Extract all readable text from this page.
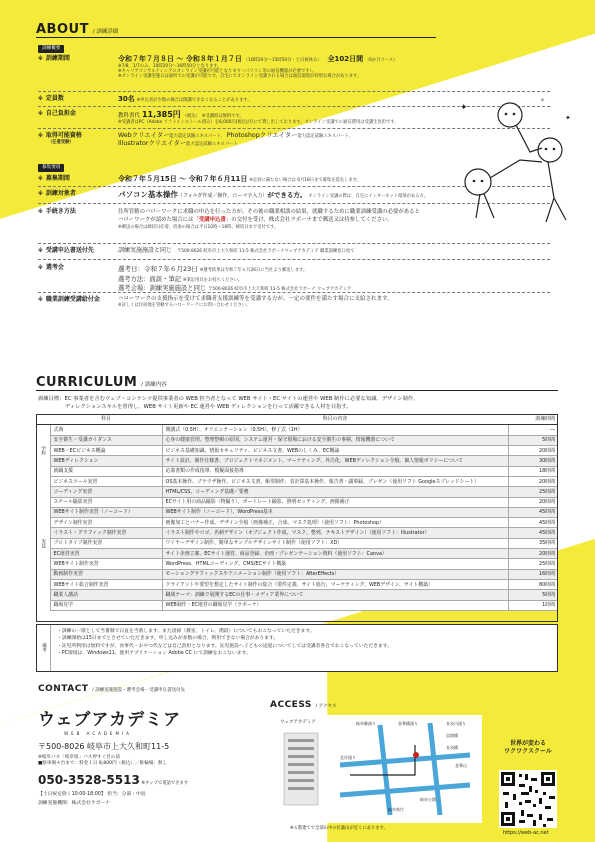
ABOUT / 訓練詳細
訓練概要
※ 訓練期間	令和７年７月８日 ～ 令和８年１月７日 （10時20分～15時50分・土日祝休み） 全102日間 （6か月コース）
※7/8、1/7のみ、10時20分～16時50分となります。
※キャリアコンサルティングのオンライン受講が可能となります（パソコン等の通信機器が必要です）。
※オンライン受講実施日は通所での受講が可能です。自宅にてオンライン受講される場合は通信環境が特別な場合があります。
※ 定員数	30名 ※申込者が少数の場合は開講できなくなることがあります。
※ 自己負担金	教科書代 11,385円 （税込） ※受講時は無料です。
※受講者はPC（Adobe ソフトインストール済み）を8,000円(税込)/月にて貸し出しております。オンライン受講での通信費用は受講生負担です。
※ 取得可能資格
（任意受験）
Webクリエイター能力認定試験エキスパート、 Photoshopクリエイター能力認定試験エキスパート、
Illustratorクリエイター能力認定試験エキスパート
募集要項
※ 募集期間	令和７年５月15日 ～ 令和７年６月11日 ※定員に満たない場合は 6月18日まで募集を延長します。
※ 訓練対象者	パソコン基本操作（フォルダ作成／操作、ローマ字入力）ができる方。 オンライン受講の際は、自宅にインターネット環境がある方。
※ 手続き方法	住所管轄のハローワークに求職の申込を行った方が、その後の職業相談の結果、就職するために職業訓練受講の必要があると
ハローワークが認めた場合には「受講申込書」の交付を受け、株式会社ラボーナまで郵送又は持参してください。
※郵送の場合は締切日必着、持参の場合は平日10時～18時、締切日まで受付です。
※ 受講申込書送付先	訓練実施施設と同じ 〒500-8026 岐阜市上大久和町 11-5 株式会社ラボーナウェブアカデミア 職業訓練窓口宛て
※ 選考会	選考日：令和７年６月23日 ※選考結果は令和７年６月26日に当社より郵送します。
選考方法：面談・筆記 ※筆記用具をお持ちください。
選考会場：訓練実施施設と同じ 〒500-8026 岐阜市上大久和町 11-5 株式会社ラボーナ ウェブアカデミア
※ 職業訓練受講給付金	ハローワークの支援指示を受けて求職者支援訓練等を受講する方が、一定の要件を満たす場合に支給されます。
※詳しくは住居地を管轄するハローワークにお問い合わせください。
✦
✦
✧
CURRICULUM / 訓練内容
訓練目標：EC 事業者を含むウェブ・コンテンツ提供事業者の WEB 担当者となって WEB サイト・EC サイトの運営や WEB 制作に必要な知識、デザイン制作、
ディレクションスキルを習得し、WEB サイト更新や EC 運営や WEB ディレクションを行って活躍できる人材を目指す。
科目	科目の内容	訓練時間
学科	式典	開講式（0.5H）、オリエンテーション（0.5H）、修了式（1H）	―
	安全衛生・受講ガイダンス	心身の健康管理、整理整頓の原則、システム運営・保守現場における安全衛生の事柄、情報機器について	5時間
	WEB・ECビジネス概論	ビジネス基礎知識、情報セキュリティ、ビジネス文書、WEBのしくみ、EC概論	20時間
	WEBディレクション	サイト設計、制作仕様書、プロジェクトマネジメント、マーケティング、外注化、WEBディレクション全般、個人情報ポリシーについて	30時間
	就職支援	応募書類の作成指導、模擬面接指導	18時間
実技	ビジネスツール実習	OS基本操作、ブラウザ操作、ビジネス文書、帳票制作、表計算基本操作、報告書・議事録、プレゼン（使用ソフト Googleスプレッドシート）	20時間
	コーディング実習	HTML/CSS、コーディング基礎／要務	25時間
	スチール撮影実習	ECサイト用の商品撮影（物撮り）、ポートレート撮影、照明セッティング、画像補正	20時間
	WEBサイト制作実習（ノーコード）	WEBサイト制作（ノーコード）、WordPress基本	45時間
	デザイン制作実習	画像加工とバナー作成、デザイン全般（画像補正、合成、マスク処理）（使用ソフト：Photoshop）	45時間
	イラスト・グラフィック制作実習	イラスト制作やロゴ、名刺デザイン（オブジェクト作成、マスク、整列、テキストデザイン）（使用ソフト：Illustrator）	45時間
	プロトタイプ制作実習	ワイヤーデザイン制作、簡単なサンプルデザインサイト制作（使用ソフト：XD）	35時間
	EC運営実習	サイト企画立案、ECサイト運営、商品登録、企画・プレゼンテーション資料（使用ソフト：Canva）	20時間
	WEBサイト制作実習	WordPress、HTMLコーディング、CMS/ECサイト構築	25時間
	動画制作実習	モーショングラフィックスやアニメーション制作（使用ソフト：AfterEffects）	16時間
	WEBサイト総合制作実習	クライアントや要望を想定したサイト制作の総合（要件定義、サイト進行、マーケティング、WEBデザイン、サイト構築）	80時間
	職業人講話	職域テーマ：訓練で展開するECの仕事・メディア業界について	5時間
	職場見学	WEB制作・EC運営の職場見学（ラボーナ）	1時間
備考
・訓練の一環として当番制で日直を当番します。また清掃（教室、トイレ、階段）についてもおこなっていただきます。
・訓練開始は15日までとさせていただきます。申し込みが多数の場合、利用できない場合があります。
・託児所利用は無料ですが、食事代・おやつ代などは自己負担となります。託児施設へ子どもの送迎についてしては受講者各自でおこなっていただきます。
・PC環境は、Windows11、使用アプリケーション Adobe CC にて訓練をおこないます。
CONTACT / 訓練実施施設・選考会場・受講申込書送付先
ウェブアカデミア
WEB ACADEMIA
〒500-8026 岐阜市上大久和町11-5
※岐阜バス「岐阜県」バス停すぐ目の前
■駐車場４台まで：料金１日 8,800円（税込）／駐輪場：無し
050-3528-5513 ※タップで電話できます
【土日祝を除く10:00-18:00】 担当：分部・中島
訓練実施機関：株式会社ラボーナ
ACCESS / アクセス
ウェブアカデミア	岐阜郷通り	金華橋通り	長良川通り
忠節橋
長良橋
北岸通り
金華山
岐阜公園
岐阜県庁
※６階建てで全部山中の紅葉山が近くにあります。
世界が変わる
ワクワクスクール
https://web-ac.net
